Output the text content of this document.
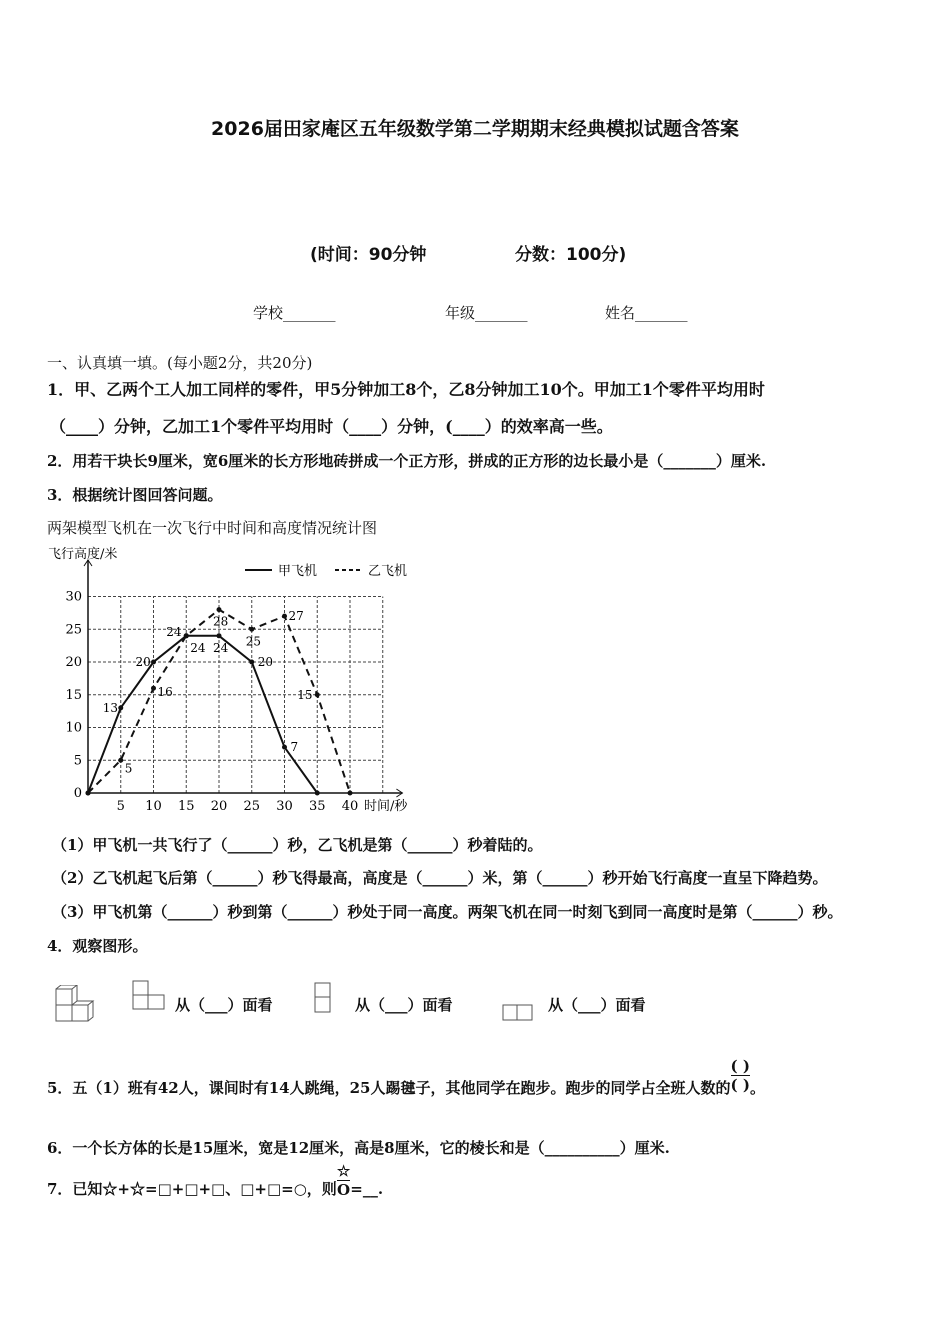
2026届田家庵区五年级数学第二学期期末经典模拟试题含答案
(时间：90分钟	分数：100分)
学校_______	年级_______	姓名_______
一、认真填一填。(每小题2分，共20分)
1．甲、乙两个工人加工同样的零件，甲5分钟加工8个，乙8分钟加工10个。甲加工1个零件平均用时
（____）分钟，乙加工1个零件平均用时（____）分钟，(____）的效率高一些。
2．用若干块长9厘米，宽6厘米的长方形地砖拼成一个正方形，拼成的正方形的边长最小是（_______）厘米.
3．根据统计图回答问题。
两架模型飞机在一次飞行中时间和高度情况统计图
飞行高度/米
时间/秒
5 10 15 20 25 30 35 40
0
5
10
15
20
25
30
甲飞机	乙飞机
13
20
24
24
20
7
5
16
24
28
25
27
15
（1）甲飞机一共飞行了（______）秒，乙飞机是第（______）秒着陆的。
（2）乙飞机起飞后第（______）秒飞得最高，高度是（______）米，第（______）秒开始飞行高度一直呈下降趋势。
（3）甲飞机第（______）秒到第（______）秒处于同一高度。两架飞机在同一时刻飞到同一高度时是第（______）秒。
4．观察图形。
从（___）面看	从（___）面看	从（___）面看
5．五（1）班有42人，课间时有14人跳绳，25人踢毽子，其他同学在跑步。跑步的同学占全班人数的 $\frac{( )}{( )}$ 。
6．一个长方体的长是15厘米，宽是12厘米，高是8厘米，它的棱长和是（__________）厘米.
7．已知☆+☆=□+□+□、□+□=○，则 $\frac{☆}{O}$ =__.
